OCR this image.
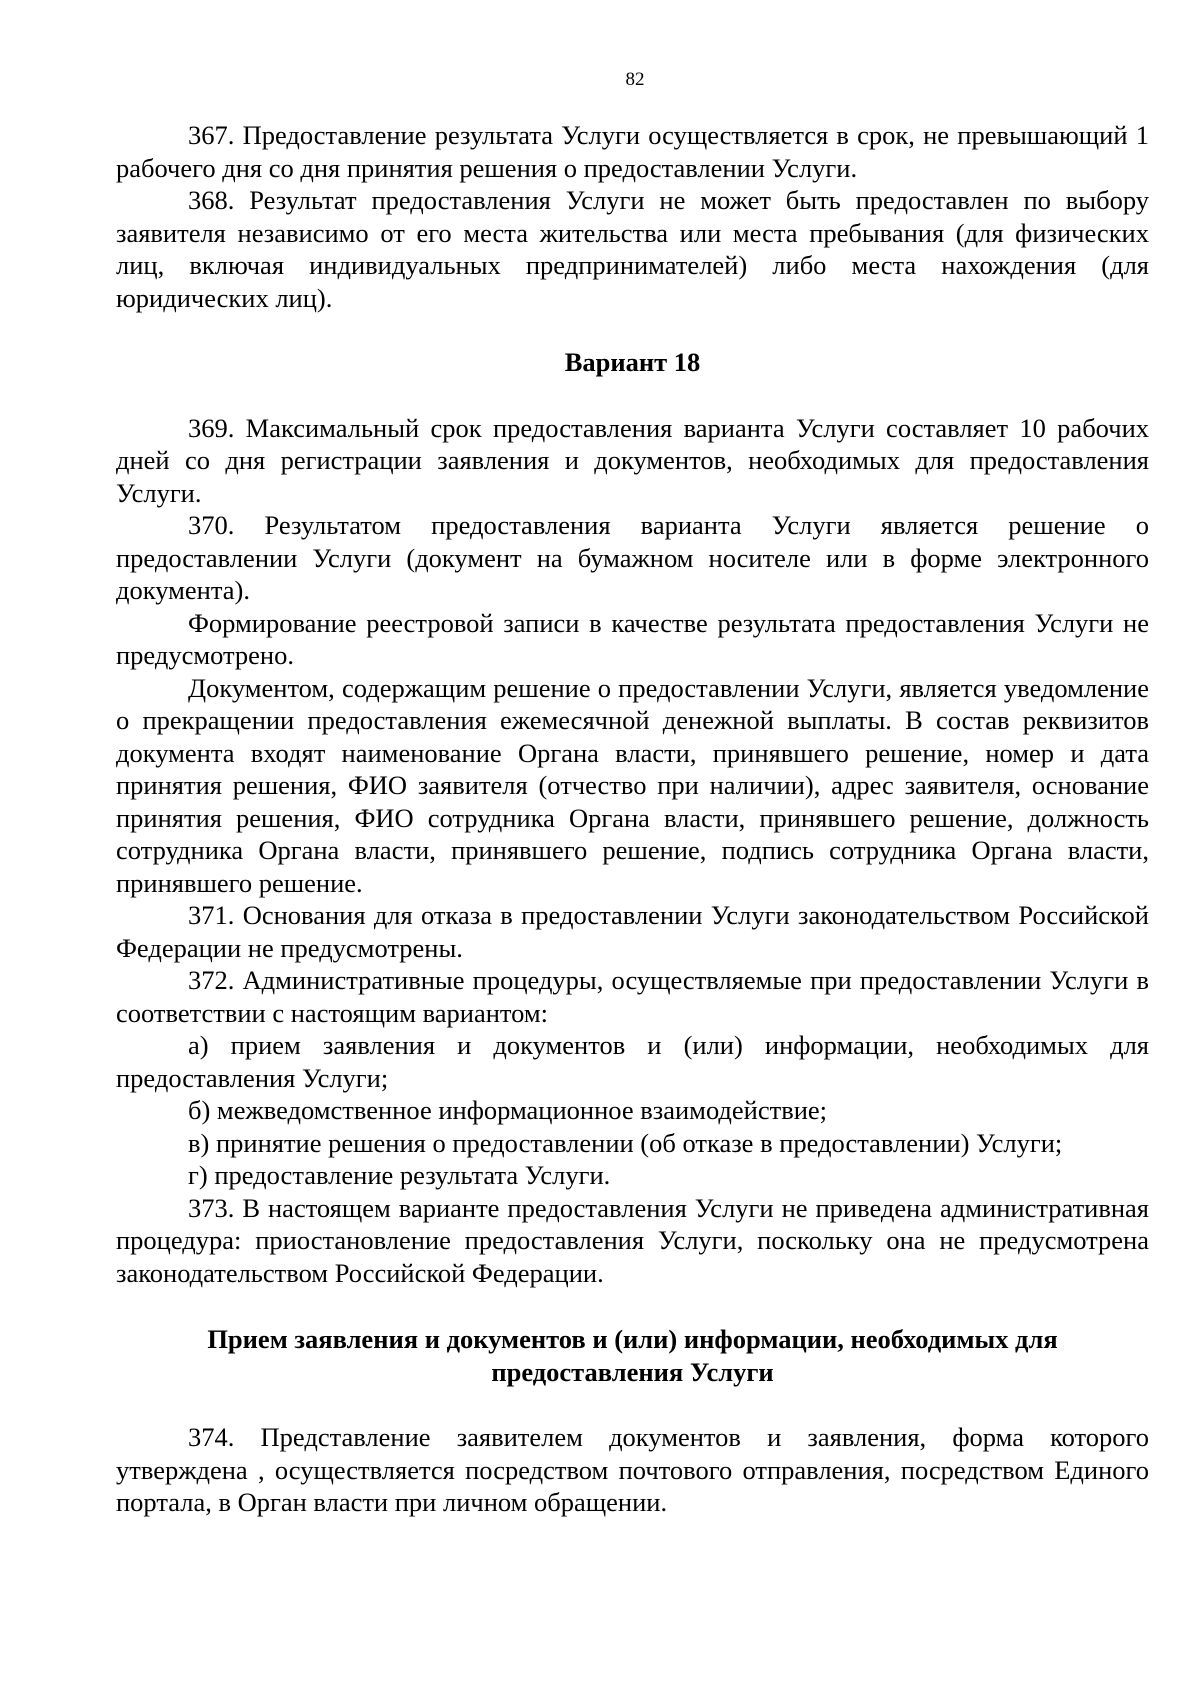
82

367. Предоставление результата Услуги осуществляется в срок, не превышающий 1 рабочего дня со дня принятия решения о предоставлении Услуги.

368. Результат предоставления Услуги не может быть предоставлен по выбору заявителя независимо от его места жительства или места пребывания (для физических лиц, включая индивидуальных предпринимателей) либо места нахождения (для юридических лиц).

Вариант 18

369. Максимальный срок предоставления варианта Услуги составляет 10 рабочих дней со дня регистрации заявления и документов, необходимых для предоставления Услуги.

370. Результатом предоставления варианта Услуги является решение о предоставлении Услуги (документ на бумажном носителе или в форме электронного документа).

Формирование реестровой записи в качестве результата предоставления Услуги не предусмотрено.

Документом, содержащим решение о предоставлении Услуги, является уведомление о прекращении предоставления ежемесячной денежной выплаты. В состав реквизитов документа входят наименование Органа власти, принявшего решение, номер и дата принятия решения, ФИО заявителя (отчество при наличии), адрес заявителя, основание принятия решения, ФИО сотрудника Органа власти, принявшего решение, должность сотрудника Органа власти, принявшего решение, подпись сотрудника Органа власти, принявшего решение.

371. Основания для отказа в предоставлении Услуги законодательством Российской Федерации не предусмотрены.

372. Административные процедуры, осуществляемые при предоставлении Услуги в соответствии с настоящим вариантом:

а) прием заявления и документов и (или) информации, необходимых для предоставления Услуги;

б) межведомственное информационное взаимодействие;

в) принятие решения о предоставлении (об отказе в предоставлении) Услуги;

г) предоставление результата Услуги.

373. В настоящем варианте предоставления Услуги не приведена административная процедура: приостановление предоставления Услуги, поскольку она не предусмотрена законодательством Российской Федерации.

Прием заявления и документов и (или) информации, необходимых для
предоставления Услуги

374. Представление заявителем документов и заявления, форма которого утверждена , осуществляется посредством почтового отправления, посредством Единого портала, в Орган власти при личном обращении.
